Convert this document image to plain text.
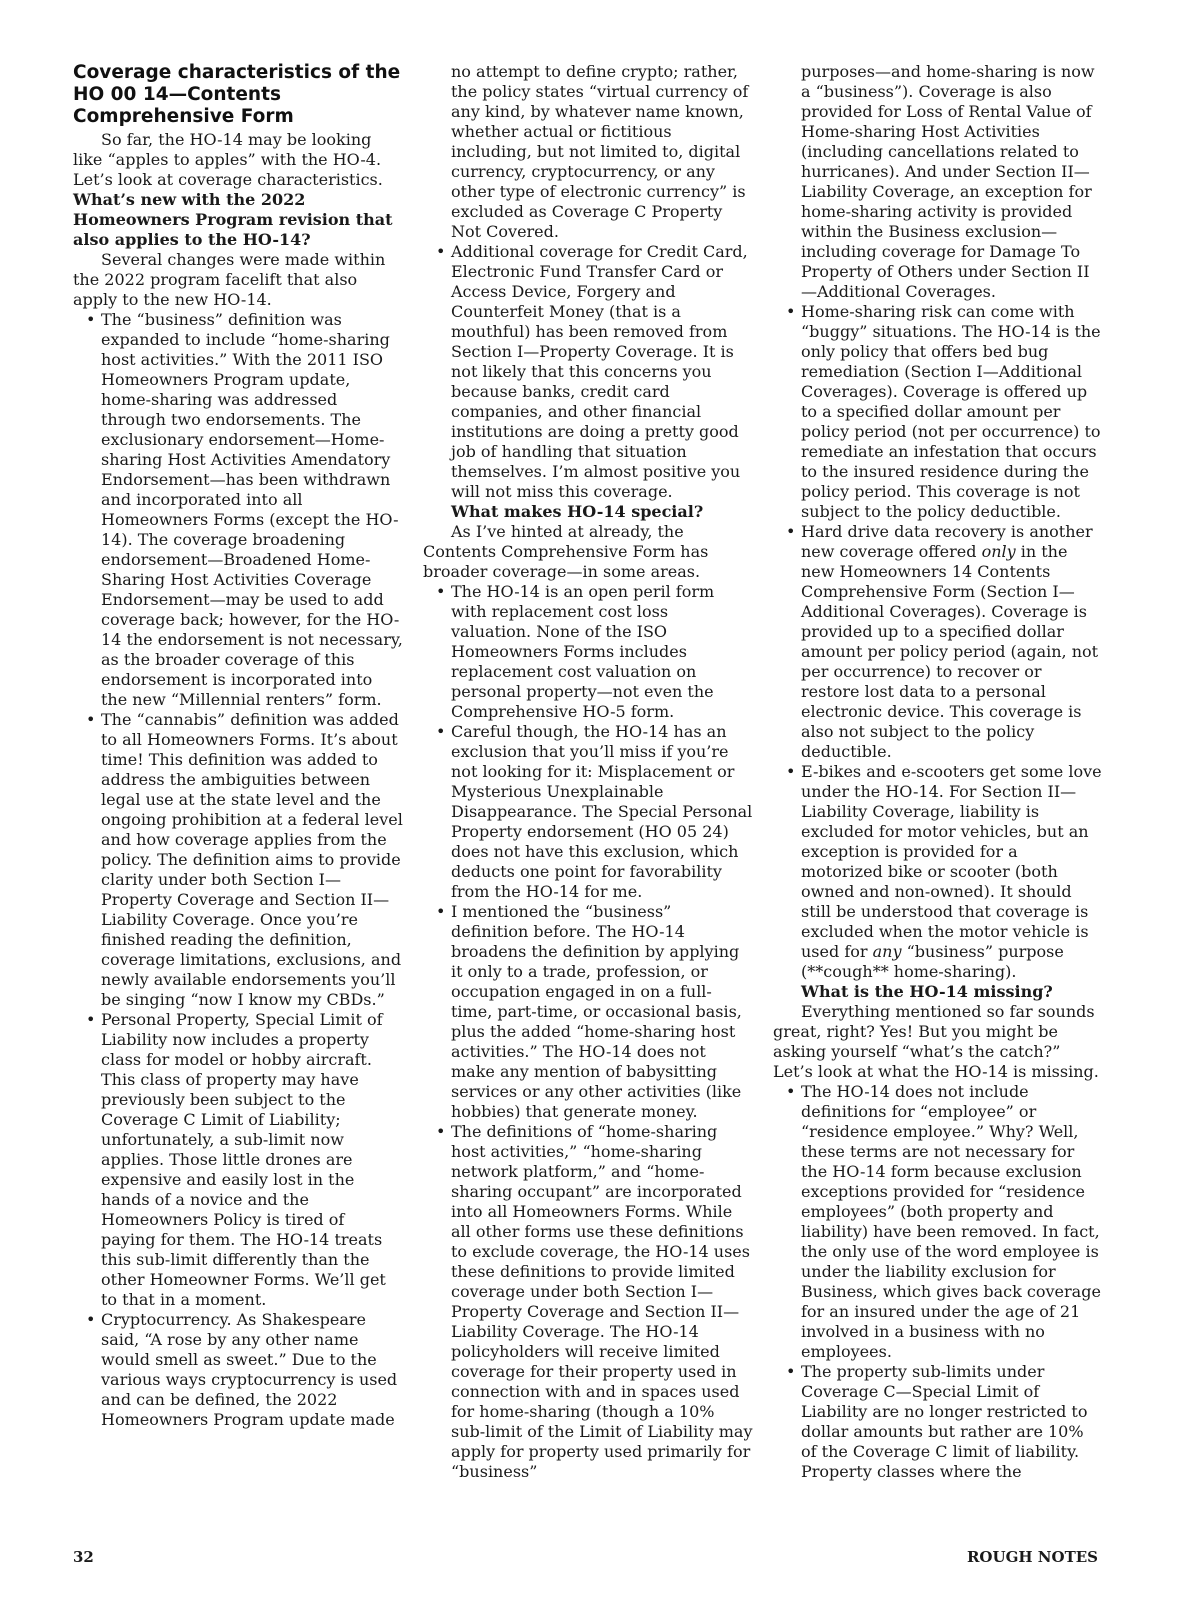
Coverage characteristics of the HO 00 14—Contents Comprehensive Form

So far, the HO-14 may be looking like “apples to apples” with the HO-4. Let’s look at coverage characteristics.

What’s new with the 2022 Homeowners Program revision that also applies to the HO-14?

Several changes were made within the 2022 program facelift that also apply to the new HO-14.

• The “business” definition was expanded to include “home-sharing host activities.” With the 2011 ISO Homeowners Program update, home-sharing was addressed through two endorsements. The exclusionary endorsement—Home-sharing Host Activities Amendatory Endorsement—has been withdrawn and incorporated into all Homeowners Forms (except the HO-14). The coverage broadening endorsement—Broadened Home-Sharing Host Activities Coverage Endorsement—may be used to add coverage back; however, for the HO-14 the endorsement is not necessary, as the broader coverage of this endorsement is incorporated into the new “Millennial renters” form.
• The “cannabis” definition was added to all Homeowners Forms. It’s about time! This definition was added to address the ambiguities between legal use at the state level and the ongoing prohibition at a federal level and how coverage applies from the policy. The definition aims to provide clarity under both Section I—Property Coverage and Section II—Liability Coverage. Once you’re finished reading the definition, coverage limitations, exclusions, and newly available endorsements you’ll be singing “now I know my CBDs.”
• Personal Property, Special Limit of Liability now includes a property class for model or hobby aircraft. This class of property may have previously been subject to the Coverage C Limit of Liability; unfortunately, a sub-limit now applies. Those little drones are expensive and easily lost in the hands of a novice and the Homeowners Policy is tired of paying for them. The HO-14 treats this sub-limit differently than the other Homeowner Forms. We’ll get to that in a moment.
• Cryptocurrency. As Shakespeare said, “A rose by any other name would smell as sweet.” Due to the various ways cryptocurrency is used and can be defined, the 2022 Homeowners Program update made

no attempt to define crypto; rather, the policy states “virtual currency of any kind, by whatever name known, whether actual or fictitious including, but not limited to, digital currency, cryptocurrency, or any other type of electronic currency” is excluded as Coverage C Property Not Covered.

• Additional coverage for Credit Card, Electronic Fund Transfer Card or Access Device, Forgery and Counterfeit Money (that is a mouthful) has been removed from Section I—Property Coverage. It is not likely that this concerns you because banks, credit card companies, and other financial institutions are doing a pretty good job of handling that situation themselves. I’m almost positive you will not miss this coverage.

What makes HO-14 special?

As I’ve hinted at already, the Contents Comprehensive Form has broader coverage—in some areas.

• The HO-14 is an open peril form with replacement cost loss valuation. None of the ISO Homeowners Forms includes replacement cost valuation on personal property—not even the Comprehensive HO-5 form.
• Careful though, the HO-14 has an exclusion that you’ll miss if you’re not looking for it: Misplacement or Mysterious Unexplainable Disappearance. The Special Personal Property endorsement (HO 05 24) does not have this exclusion, which deducts one point for favorability from the HO-14 for me.
• I mentioned the “business” definition before. The HO-14 broadens the definition by applying it only to a trade, profession, or occupation engaged in on a full-time, part-time, or occasional basis, plus the added “home-sharing host activities.” The HO-14 does not make any mention of babysitting services or any other activities (like hobbies) that generate money.
• The definitions of “home-sharing host activities,” “home-sharing network platform,” and “home-sharing occupant” are incorporated into all Homeowners Forms. While all other forms use these definitions to exclude coverage, the HO-14 uses these definitions to provide limited coverage under both Section I—Property Coverage and Section II—Liability Coverage. The HO-14 policyholders will receive limited coverage for their property used in connection with and in spaces used for home-sharing (though a 10% sub-limit of the Limit of Liability may apply for property used primarily for “business”

purposes—and home-sharing is now a “business”). Coverage is also provided for Loss of Rental Value of Home-sharing Host Activities (including cancellations related to hurricanes). And under Section II—Liability Coverage, an exception for home-sharing activity is provided within the Business exclusion—including coverage for Damage To Property of Others under Section II—Additional Coverages.

• Home-sharing risk can come with “buggy” situations. The HO-14 is the only policy that offers bed bug remediation (Section I—Additional Coverages). Coverage is offered up to a specified dollar amount per policy period (not per occurrence) to remediate an infestation that occurs to the insured residence during the policy period. This coverage is not subject to the policy deductible.
• Hard drive data recovery is another new coverage offered only in the new Homeowners 14 Contents Comprehensive Form (Section I—Additional Coverages). Coverage is provided up to a specified dollar amount per policy period (again, not per occurrence) to recover or restore lost data to a personal electronic device. This coverage is also not subject to the policy deductible.
• E-bikes and e-scooters get some love under the HO-14. For Section II—Liability Coverage, liability is excluded for motor vehicles, but an exception is provided for a motorized bike or scooter (both owned and non-owned). It should still be understood that coverage is excluded when the motor vehicle is used for any “business” purpose (**cough** home-sharing).

What is the HO-14 missing?

Everything mentioned so far sounds great, right? Yes! But you might be asking yourself “what’s the catch?” Let’s look at what the HO-14 is missing.

• The HO-14 does not include definitions for “employee” or “residence employee.” Why? Well, these terms are not necessary for the HO-14 form because exclusion exceptions provided for “residence employees” (both property and liability) have been removed. In fact, the only use of the word employee is under the liability exclusion for Business, which gives back coverage for an insured under the age of 21 involved in a business with no employees.
• The property sub-limits under Coverage C—Special Limit of Liability are no longer restricted to dollar amounts but rather are 10% of the Coverage C limit of liability. Property classes where the
32	ROUGH NOTES
